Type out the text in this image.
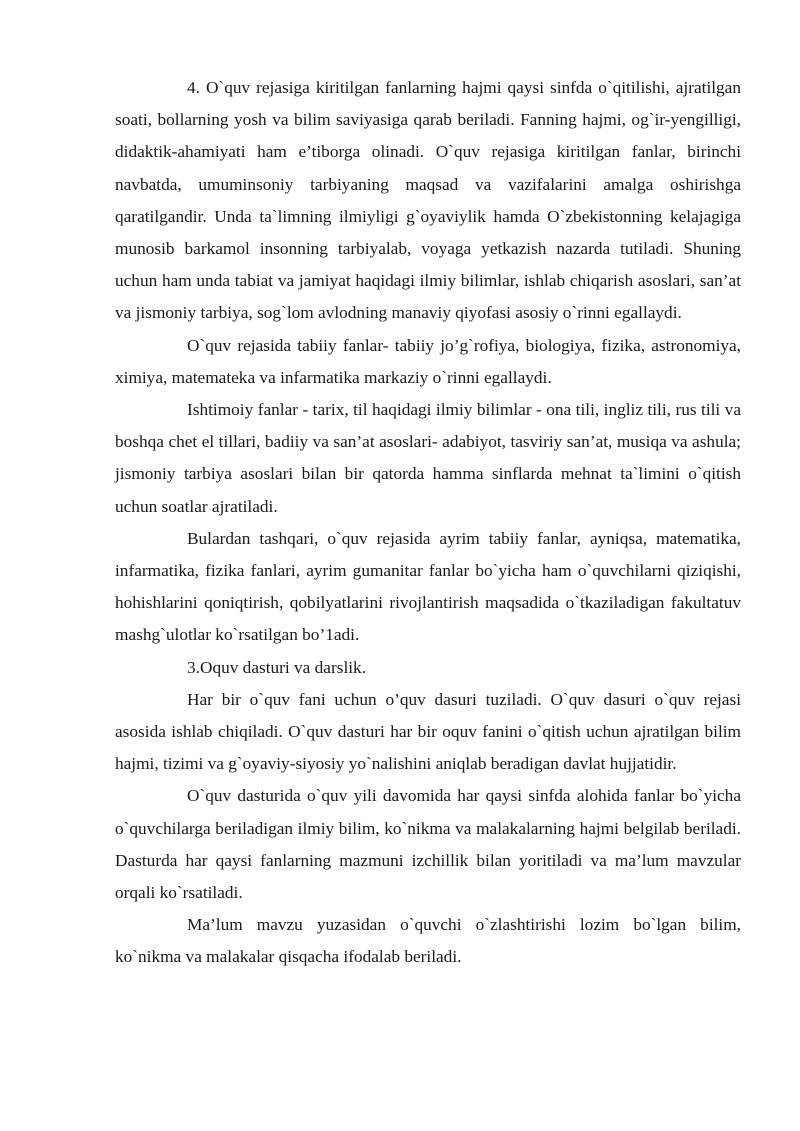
4. O`quv rejasiga kiritilgan fanlarning hajmi qaysi sinfda o`qitilishi, ajratilgan soati, bollarning yosh va bilim saviyasiga qarab beriladi. Fanning hajmi, og`ir-yengilligi, didaktik-ahamiyati ham e’tiborga olinadi. O`quv rejasiga kiritilgan fanlar, birinchi navbatda, umuminsoniy tarbiyaning maqsad va vazifalarini amalga oshirishga qaratilgandir. Unda ta`limning ilmiyligi g`oyaviylik hamda O`zbekistonning kelajagiga munosib barkamol insonning tarbiyalab, voyaga yetkazish nazarda tutiladi. Shuning uchun ham unda tabiat va jamiyat haqidagi ilmiy bilimlar, ishlab chiqarish asoslari, san’at va jismoniy tarbiya, sog`lom avlodning manaviy qiyofasi asosiy o`rinni egallaydi.

O`quv rejasida tabiiy fanlar- tabiiy jo’g`rofiya, biologiya, fizika, astronomiya, ximiya, matemateka va infarmatika markaziy o`rinni egallaydi.

Ishtimoiy fanlar - tarix, til haqidagi ilmiy bilimlar - ona tili, ingliz tili, rus tili va boshqa chet el tillari, badiiy va san’at asoslari- adabiyot, tasviriy san’at, musiqa va ashula; jismoniy tarbiya asoslari bilan bir qatorda hamma sinflarda mehnat ta`limini o`qitish uchun soatlar ajratiladi.

Bulardan tashqari, o`quv rejasida ayrim tabiiy fanlar, ayniqsa, matematika, infarmatika, fizika fanlari, ayrim gumanitar fanlar bo`yicha ham o`quvchilarni qiziqishi, hohishlarini qoniqtirish, qobilyatlarini rivojlantirish maqsadida o`tkaziladigan fakultatuv mashg`ulotlar ko`rsatilgan bo’1adi.

3.Oquv dasturi va darslik.

Har bir o`quv fani uchun o’quv dasuri tuziladi. O`quv dasuri o`quv rejasi asosida ishlab chiqiladi. O`quv dasturi har bir oquv fanini o`qitish uchun ajratilgan bilim hajmi, tizimi va g`oyaviy-siyosiy yo`nalishini aniqlab beradigan davlat hujjatidir.

O`quv dasturida o`quv yili davomida har qaysi sinfda alohida fanlar bo`yicha o`quvchilarga beriladigan ilmiy bilim, ko`nikma va malakalarning hajmi belgilab beriladi. Dasturda har qaysi fanlarning mazmuni izchillik bilan yoritiladi va ma’lum mavzular orqali ko`rsatiladi.

Ma’lum mavzu yuzasidan o`quvchi o`zlashtirishi lozim bo`lgan bilim, ko`nikma va malakalar qisqacha ifodalab beriladi.
